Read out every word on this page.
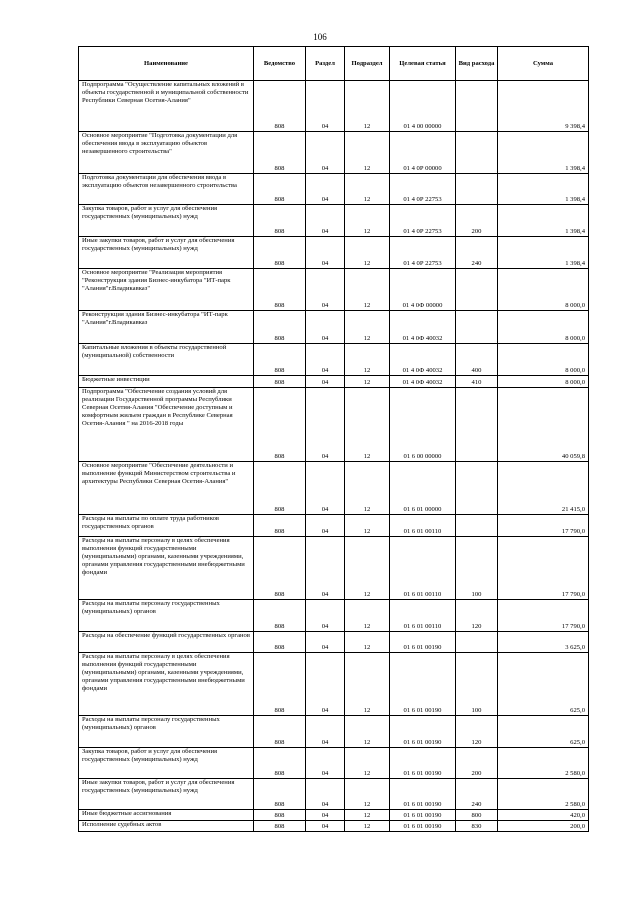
106
Наименование	Ведомство	Раздел	Подраздел	Целевая статья	Вид расхода	Сумма
Подпрограмма "Осуществление капитальных вложений в объекты государственной и муниципальной собственности Республики Северная Осетия-Алания"	808	04	12	01 4 00 00000		9 398,4
Основное мероприятие "Подготовка документации для обеспечения ввода в эксплуатацию объектов незавершенного строительства"	808	04	12	01 4 0Р 00000		1 398,4
Подготовка документации для обеспечения ввода в эксплуатацию объектов незавершенного строительства	808	04	12	01 4 0Р 22753		1 398,4
Закупка товаров, работ и услуг для обеспечения государственных (муниципальных) нужд	808	04	12	01 4 0Р 22753	200	1 398,4
Иные закупки товаров, работ и услуг для обеспечения государственных (муниципальных) нужд	808	04	12	01 4 0Р 22753	240	1 398,4
Основное мероприятие "Реализация мероприятия "Реконструкция здания Бизнес-инкубатора "ИТ-парк "Алания"г.Владикавказ"	808	04	12	01 4 0Ф 00000		8 000,0
Реконструкция здания Бизнес-инкубатора "ИТ-парк "Алания"г.Владикавказ	808	04	12	01 4 0Ф 40032		8 000,0
Капитальные вложения в объекты государственной (муниципальной) собственности	808	04	12	01 4 0Ф 40032	400	8 000,0
Бюджетные инвестиции	808	04	12	01 4 0Ф 40032	410	8 000,0
Подпрограмма "Обеспечение создания условий для реализации Государственной программы Республики Северная Осетия-Алания "Обеспечение доступным и комфортным жильем граждан в Республике Северная Осетия-Алания " на 2016-2018 годы	808	04	12	01 6 00 00000		40 059,8
Основное мероприятие "Обеспечение деятельности и выполнение функций Министерством строительства и архитектуры Республики Северная Осетия-Алания"	808	04	12	01 6 01 00000		21 415,0
Расходы на выплаты по оплате труда работников государственных органов	808	04	12	01 6 01 00110		17 790,0
Расходы на выплаты персоналу в целях обеспечения выполнения функций государственными (муниципальными) органами, казенными учреждениями, органами управления государственными внебюджетными фондами	808	04	12	01 6 01 00110	100	17 790,0
Расходы на выплаты персоналу государственных (муниципальных) органов	808	04	12	01 6 01 00110	120	17 790,0
Расходы на обеспечение функций государственных органов	808	04	12	01 6 01 00190		3 625,0
Расходы на выплаты персоналу в целях обеспечения выполнения функций государственными (муниципальными) органами, казенными учреждениями, органами управления государственными внебюджетными фондами	808	04	12	01 6 01 00190	100	625,0
Расходы на выплаты персоналу государственных (муниципальных) органов	808	04	12	01 6 01 00190	120	625,0
Закупка товаров, работ и услуг для обеспечения государственных (муниципальных) нужд	808	04	12	01 6 01 00190	200	2 580,0
Иные закупки товаров, работ и услуг для обеспечения государственных (муниципальных) нужд	808	04	12	01 6 01 00190	240	2 580,0
Иные бюджетные ассигнования	808	04	12	01 6 01 00190	800	420,0
Исполнение судебных актов	808	04	12	01 6 01 00190	830	200,0
